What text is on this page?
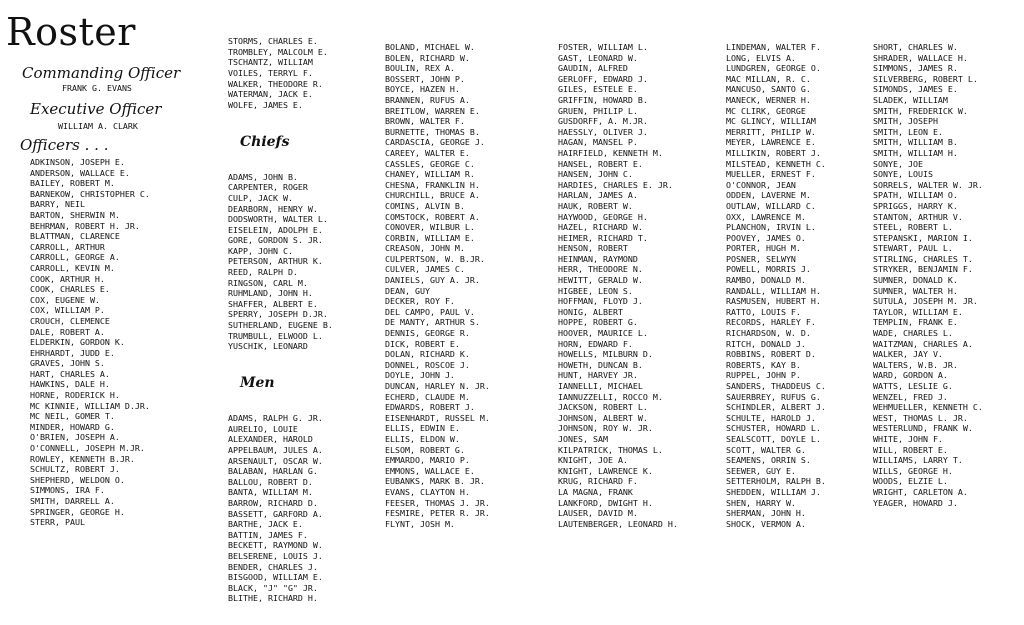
Roster
Commanding Officer
FRANK G. EVANS
Executive Officer
WILLIAM A. CLARK
Officers . . .
ADKINSON, JOSEPH E.
ANDERSON, WALLACE E.
BAILEY, ROBERT M.
BARNEKOW, CHRISTOPHER C.
BARRY, NEIL
BARTON, SHERWIN M.
BEHRMAN, ROBERT H. JR.
BLATTMAN, CLARENCE
CARROLL, ARTHUR
CARROLL, GEORGE A.
CARROLL, KEVIN M.
COOK, ARTHUR H.
COOK, CHARLES E.
COX, EUGENE W.
COX, WILLIAM P.
CROUCH, CLEMENCE
DALE, ROBERT A.
ELDERKIN, GORDON K.
EHRHARDT, JUDD E.
GRAVES, JOHN S.
HART, CHARLES A.
HAWKINS, DALE H.
HORNE, RODERICK H.
MC KINNIE, WILLIAM D.JR.
MC NEIL, GOMER T.
MINDER, HOWARD G.
O'BRIEN, JOSEPH A.
O'CONNELL, JOSEPH M.JR.
ROWLEY, KENNETH B.JR.
SCHULTZ, ROBERT J.
SHEPHERD, WELDON O.
SIMMONS, IRA F.
SMITH, DARRELL A.
SPRINGER, GEORGE H.
STERR, PAUL

STORMS, CHARLES E.
TROMBLEY, MALCOLM E.
TSCHANTZ, WILLIAM
VOILES, TERRYL F.
WALKER, THEODORE R.
WATERMAN, JACK E.
WOLFE, JAMES E.

Chiefs

ADAMS, JOHN B.
CARPENTER, ROGER
CULP, JACK W.
DEARBORN, HENRY W.
DODSWORTH, WALTER L.
EISELEIN, ADOLPH E.
GORE, GORDON S. JR.
KAPP, JOHN C.
PETERSON, ARTHUR K.
REED, RALPH D.
RINGSON, CARL M.
RUHMLAND, JOHN H.
SHAFFER, ALBERT E.
SPERRY, JOSEPH D.JR.
SUTHERLAND, EUGENE B.
TRUMBULL, ELWOOD L.
YUSCHIK, LEONARD

Men

ADAMS, RALPH G. JR.
AURELIO, LOUIE
ALEXANDER, HAROLD
APPELBAUM, JULES A.
ARSENAULT, OSCAR W.
BALABAN, HARLAN G.
BALLOU, ROBERT D.
BANTA, WILLIAM M.
BARROW, RICHARD D.
BASSETT, GARFORD A.
BARTHE, JACK E.
BATTIN, JAMES F.
BECKETT, RAYMOND W.
BELSERENE, LOUIS J.
BENDER, CHARLES J.
BISGOOD, WILLIAM E.
BLACK, "J" "G" JR.
BLITHE, RICHARD H.

BOLAND, MICHAEL W.
BOLEN, RICHARD W.
BOULIN, REX A.
BOSSERT, JOHN P.
BOYCE, HAZEN H.
BRANNEN, RUFUS A.
BREITLOW, WARREN E.
BROWN, WALTER F.
BURNETTE, THOMAS B.
CARDASCIA, GEORGE J.
CAREEY, WALTER E.
CASSLES, GEORGE C.
CHANEY, WILLIAM R.
CHESNA, FRANKLIN H.
CHURCHILL, BRUCE A.
COMINS, ALVIN B.
COMSTOCK, ROBERT A.
CONOVER, WILBUR L.
CORBIN, WILLIAM E.
CREASON, JOHN M.
CULPERTSON, W. B.JR.
CULVER, JAMES C.
DANIELS, GUY A. JR.
DEAN, GUY
DECKER, ROY F.
DEL CAMPO, PAUL V.
DE MANTY, ARTHUR S.
DENNIS, GEORGE R.
DICK, ROBERT E.
DOLAN, RICHARD K.
DONNEL, ROSCOE J.
DOYLE, JOHN J.
DUNCAN, HARLEY N. JR.
ECHERD, CLAUDE M.
EDWARDS, ROBERT J.
EISENHARDT, RUSSEL M.
ELLIS, EDWIN E.
ELLIS, ELDON W.
ELSOM, ROBERT G.
EMMARDO, MARIO P.
EMMONS, WALLACE E.
EUBANKS, MARK B. JR.
EVANS, CLAYTON H.
FEESER, THOMAS J. JR.
FESMIRE, PETER R. JR.
FLYNT, JOSH M.
FOSTER, WILLIAM L.
GAST, LEONARD W.
GAUDIN, ALFRED
GERLOFF, EDWARD J.
GILES, ESTELE E.
GRIFFIN, HOWARD B.
GRUEN, PHILIP L.
GUSDORFF, A. M.JR.
HAESSLY, OLIVER J.
HAGAN, MANSEL P.
HAIRFIELD, KENNETH M.
HANSEL, ROBERT E.
HANSEN, JOHN C.
HARDIES, CHARLES E. JR.
HARLAN, JAMES A.
HAUK, ROBERT W.
HAYWOOD, GEORGE H.
HAZEL, RICHARD W.
HEIMER, RICHARD T.
HENSON, ROBERT
HEINMAN, RAYMOND
HERR, THEODORE N.
HEWITT, GERALD W.
HIGBEE, LEON S.
HOFFMAN, FLOYD J.
HONIG, ALBERT
HOPPE, ROBERT G.
HOOVER, MAURICE L.
HORN, EDWARD F.
HOWELLS, MILBURN D.
HOWETH, DUNCAN B.
HUNT, HARVEY JR.
IANNELLI, MICHAEL
IANNUZZELLI, ROCCO M.
JACKSON, ROBERT L.
JOHNSON, ALBERT W.
JOHNSON, ROY W. JR.
JONES, SAM
KILPATRICK, THOMAS L.
KNIGHT, JOE A.
KNIGHT, LAWRENCE K.
KRUG, RICHARD F.
LA MAGNA, FRANK
LANKFORD, DWIGHT H.
LAUSER, DAVID M.
LAUTENBERGER, LEONARD H.
LINDEMAN, WALTER F.
LONG, ELVIS A.
LUNDGREN, GEORGE O.
MAC MILLAN, R. C.
MANCUSO, SANTO G.
MANECK, WERNER H.
MC CLIRK, GEORGE
MC GLINCY, WILLIAM
MERRITT, PHILIP W.
MEYER, LAWRENCE E.
MILLIKIN, ROBERT J.
MILSTEAD, KENNETH C.
MUELLER, ERNEST F.
O'CONNOR, JEAN
ODDEN, LAVERNE M.
OUTLAW, WILLARD C.
OXX, LAWRENCE M.
PLANCHON, IRVIN L.
POOVEY, JAMES O.
PORTER, HUGH M.
POSNER, SELWYN
POWELL, MORRIS J.
RAMBO, DONALD M.
RANDALL, WILLIAM H.
RASMUSEN, HUBERT H.
RATTO, LOUIS F.
RECORDS, HARLEY F.
RICHARDSON, W. D.
RITCH, DONALD J.
ROBBINS, ROBERT D.
ROBERTS, KAY B.
RUPPEL, JOHN P.
SANDERS, THADDEUS C.
SAUERBREY, RUFUS G.
SCHINDLER, ALBERT J.
SCHULTE, HAROLD J.
SCHUSTER, HOWARD L.
SEALSCOTT, DOYLE L.
SCOTT, WALTER G.
SEAMENS, ORRIN S.
SEEWER, GUY E.
SETTERHOLM, RALPH B.
SHEDDEN, WILLIAM J.
SHEN, HARRY W.
SHERMAN, JOHN H.
SHOCK, VERMON A.
SHORT, CHARLES W.
SHRADER, WALLACE H.
SIMMONS, JAMES R.
SILVERBERG, ROBERT L.
SIMONDS, JAMES E.
SLADEK, WILLIAM
SMITH, FREDERICK W.
SMITH, JOSEPH
SMITH, LEON E.
SMITH, WILLIAM B.
SMITH, WILLIAM H.
SONYE, JOE
SONYE, LOUIS
SORRELS, WALTER W. JR.
SPATH, WILLIAM O.
SPRIGGS, HARRY K.
STANTON, ARTHUR V.
STEEL, ROBERT L.
STEPANSKI, MARION I.
STEWART, PAUL L.
STIRLING, CHARLES T.
STRYKER, BENJAMIN F.
SUMNER, DONALD K.
SUMNER, WALTER H.
SUTULA, JOSEPH M. JR.
TAYLOR, WILLIAM E.
TEMPLIN, FRANK E.
WADE, CHARLES L.
WAITZMAN, CHARLES A.
WALKER, JAY V.
WALTERS, W.B. JR.
WARD, GORDON A.
WATTS, LESLIE G.
WENZEL, FRED J.
WEHMUELLER, KENNETH C.
WEST, THOMAS L. JR.
WESTERLUND, FRANK W.
WHITE, JOHN F.
WILL, ROBERT E.
WILLIAMS, LARRY T.
WILLS, GEORGE H.
WOODS, ELZIE L.
WRIGHT, CARLETON A.
YEAGER, HOWARD J.
